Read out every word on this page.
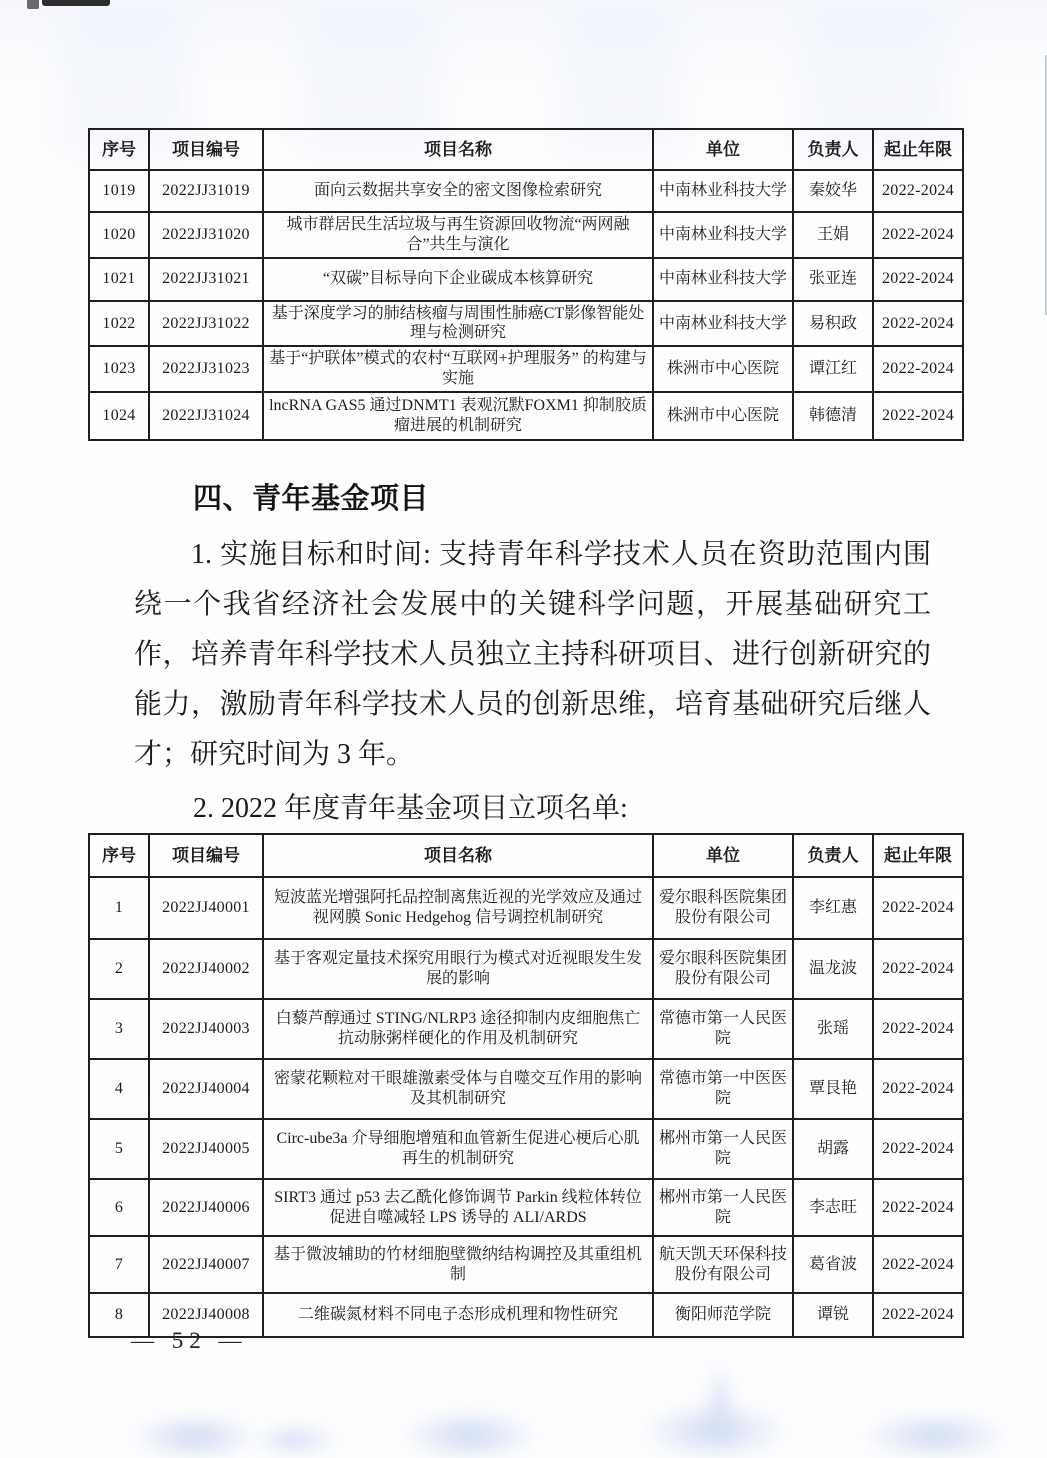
序号	项目编号	项目名称	单位	负责人	起止年限
1019	2022JJ31019	面向云数据共享安全的密文图像检索研究	中南林业科技大学	秦姣华	2022-2024
1020	2022JJ31020	城市群居民生活垃圾与再生资源回收物流“两网融合”共生与演化	中南林业科技大学	王娟	2022-2024
1021	2022JJ31021	“双碳”目标导向下企业碳成本核算研究	中南林业科技大学	张亚连	2022-2024
1022	2022JJ31022	基于深度学习的肺结核瘤与周围性肺癌CT影像智能处理与检测研究	中南林业科技大学	易积政	2022-2024
1023	2022JJ31023	基于“护联体”模式的农村“互联网+护理服务” 的构建与实施	株洲市中心医院	谭江红	2022-2024
1024	2022JJ31024	lncRNA GAS5 通过DNMT1 表观沉默FOXM1 抑制胶质瘤进展的机制研究	株洲市中心医院	韩德清	2022-2024
四、青年基金项目
1. 实施目标和时间: 支持青年科学技术人员在资助范围内围
绕一个我省经济社会发展中的关键科学问题，开展基础研究工
作，培养青年科学技术人员独立主持科研项目、进行创新研究的
能力，激励青年科学技术人员的创新思维，培育基础研究后继人
才；研究时间为 3 年。
2. 2022 年度青年基金项目立项名单:
序号	项目编号	项目名称	单位	负责人	起止年限
1	2022JJ40001	短波蓝光增强阿托品控制离焦近视的光学效应及通过视网膜 Sonic Hedgehog 信号调控机制研究	爱尔眼科医院集团股份有限公司	李红惠	2022-2024
2	2022JJ40002	基于客观定量技术探究用眼行为模式对近视眼发生发展的影响	爱尔眼科医院集团股份有限公司	温龙波	2022-2024
3	2022JJ40003	白藜芦醇通过 STING/NLRP3 途径抑制内皮细胞焦亡抗动脉粥样硬化的作用及机制研究	常德市第一人民医院	张瑶	2022-2024
4	2022JJ40004	密蒙花颗粒对干眼雄激素受体与自噬交互作用的影响及其机制研究	常德市第一中医医院	覃艮艳	2022-2024
5	2022JJ40005	Circ-ube3a 介导细胞增殖和血管新生促进心梗后心肌再生的机制研究	郴州市第一人民医院	胡露	2022-2024
6	2022JJ40006	SIRT3 通过 p53 去乙酰化修饰调节 Parkin 线粒体转位促进自噬减轻 LPS 诱导的 ALI/ARDS	郴州市第一人民医院	李志旺	2022-2024
7	2022JJ40007	基于微波辅助的竹材细胞壁微纳结构调控及其重组机制	航天凯天环保科技股份有限公司	葛省波	2022-2024
8	2022JJ40008	二维碳氮材料不同电子态形成机理和物性研究	衡阳师范学院	谭锐	2022-2024
— 52 —
